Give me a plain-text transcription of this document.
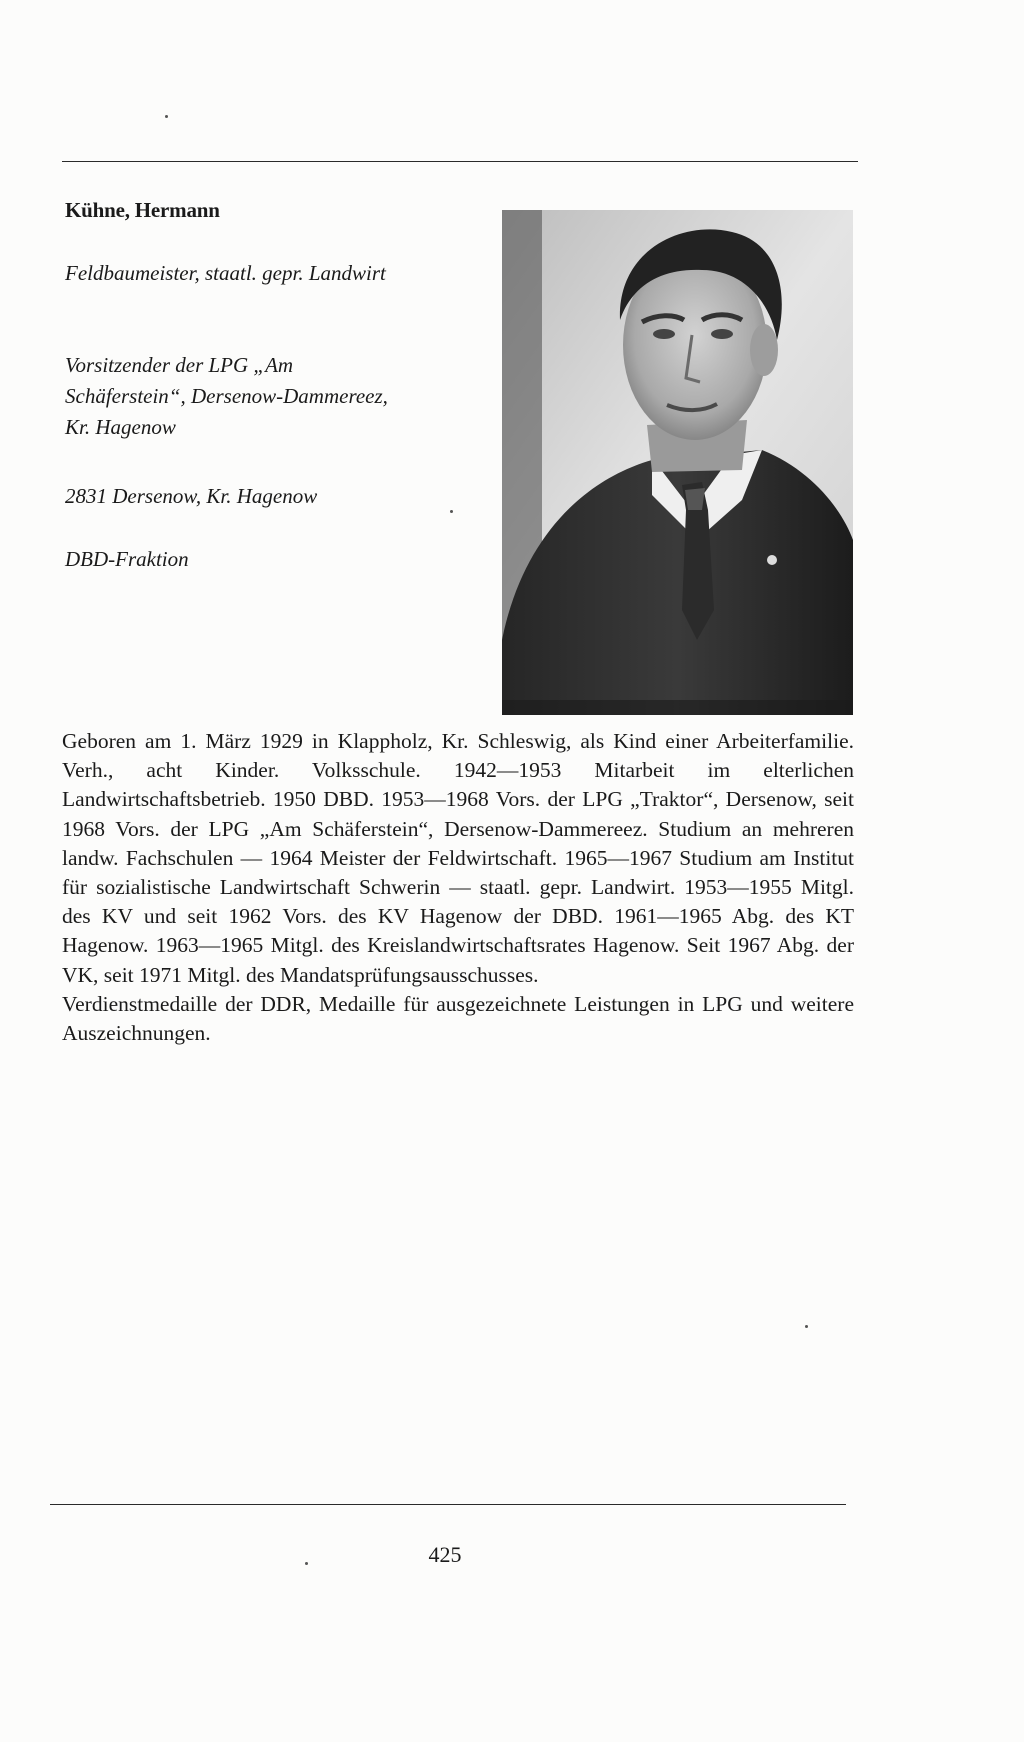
Kühne, Hermann
Feldbaumeister, staatl. gepr. Landwirt
Vorsitzender der LPG „Am Schäferstein“, Dersenow-Dammereez, Kr. Hagenow
2831 Dersenow, Kr. Hagenow
DBD-Fraktion

Geboren am 1. März 1929 in Klappholz, Kr. Schleswig, als Kind einer Arbeiterfamilie. Verh., acht Kinder. Volksschule. 1942—1953 Mitarbeit im elterlichen Landwirtschaftsbetrieb. 1950 DBD. 1953—1968 Vors. der LPG „Traktor“, Dersenow, seit 1968 Vors. der LPG „Am Schäferstein“, Dersenow-Dammereez. Studium an mehreren landw. Fachschulen — 1964 Meister der Feldwirtschaft. 1965—1967 Studium am Institut für sozialistische Landwirtschaft Schwerin — staatl. gepr. Landwirt. 1953—1955 Mitgl. des KV und seit 1962 Vors. des KV Hagenow der DBD. 1961—1965 Abg. des KT Hagenow. 1963—1965 Mitgl. des Kreislandwirtschaftsrates Hagenow. Seit 1967 Abg. der VK, seit 1971 Mitgl. des Mandatsprüfungsausschusses.

Verdienstmedaille der DDR, Medaille für ausgezeichnete Leistungen in LPG und weitere Auszeichnungen.

425
